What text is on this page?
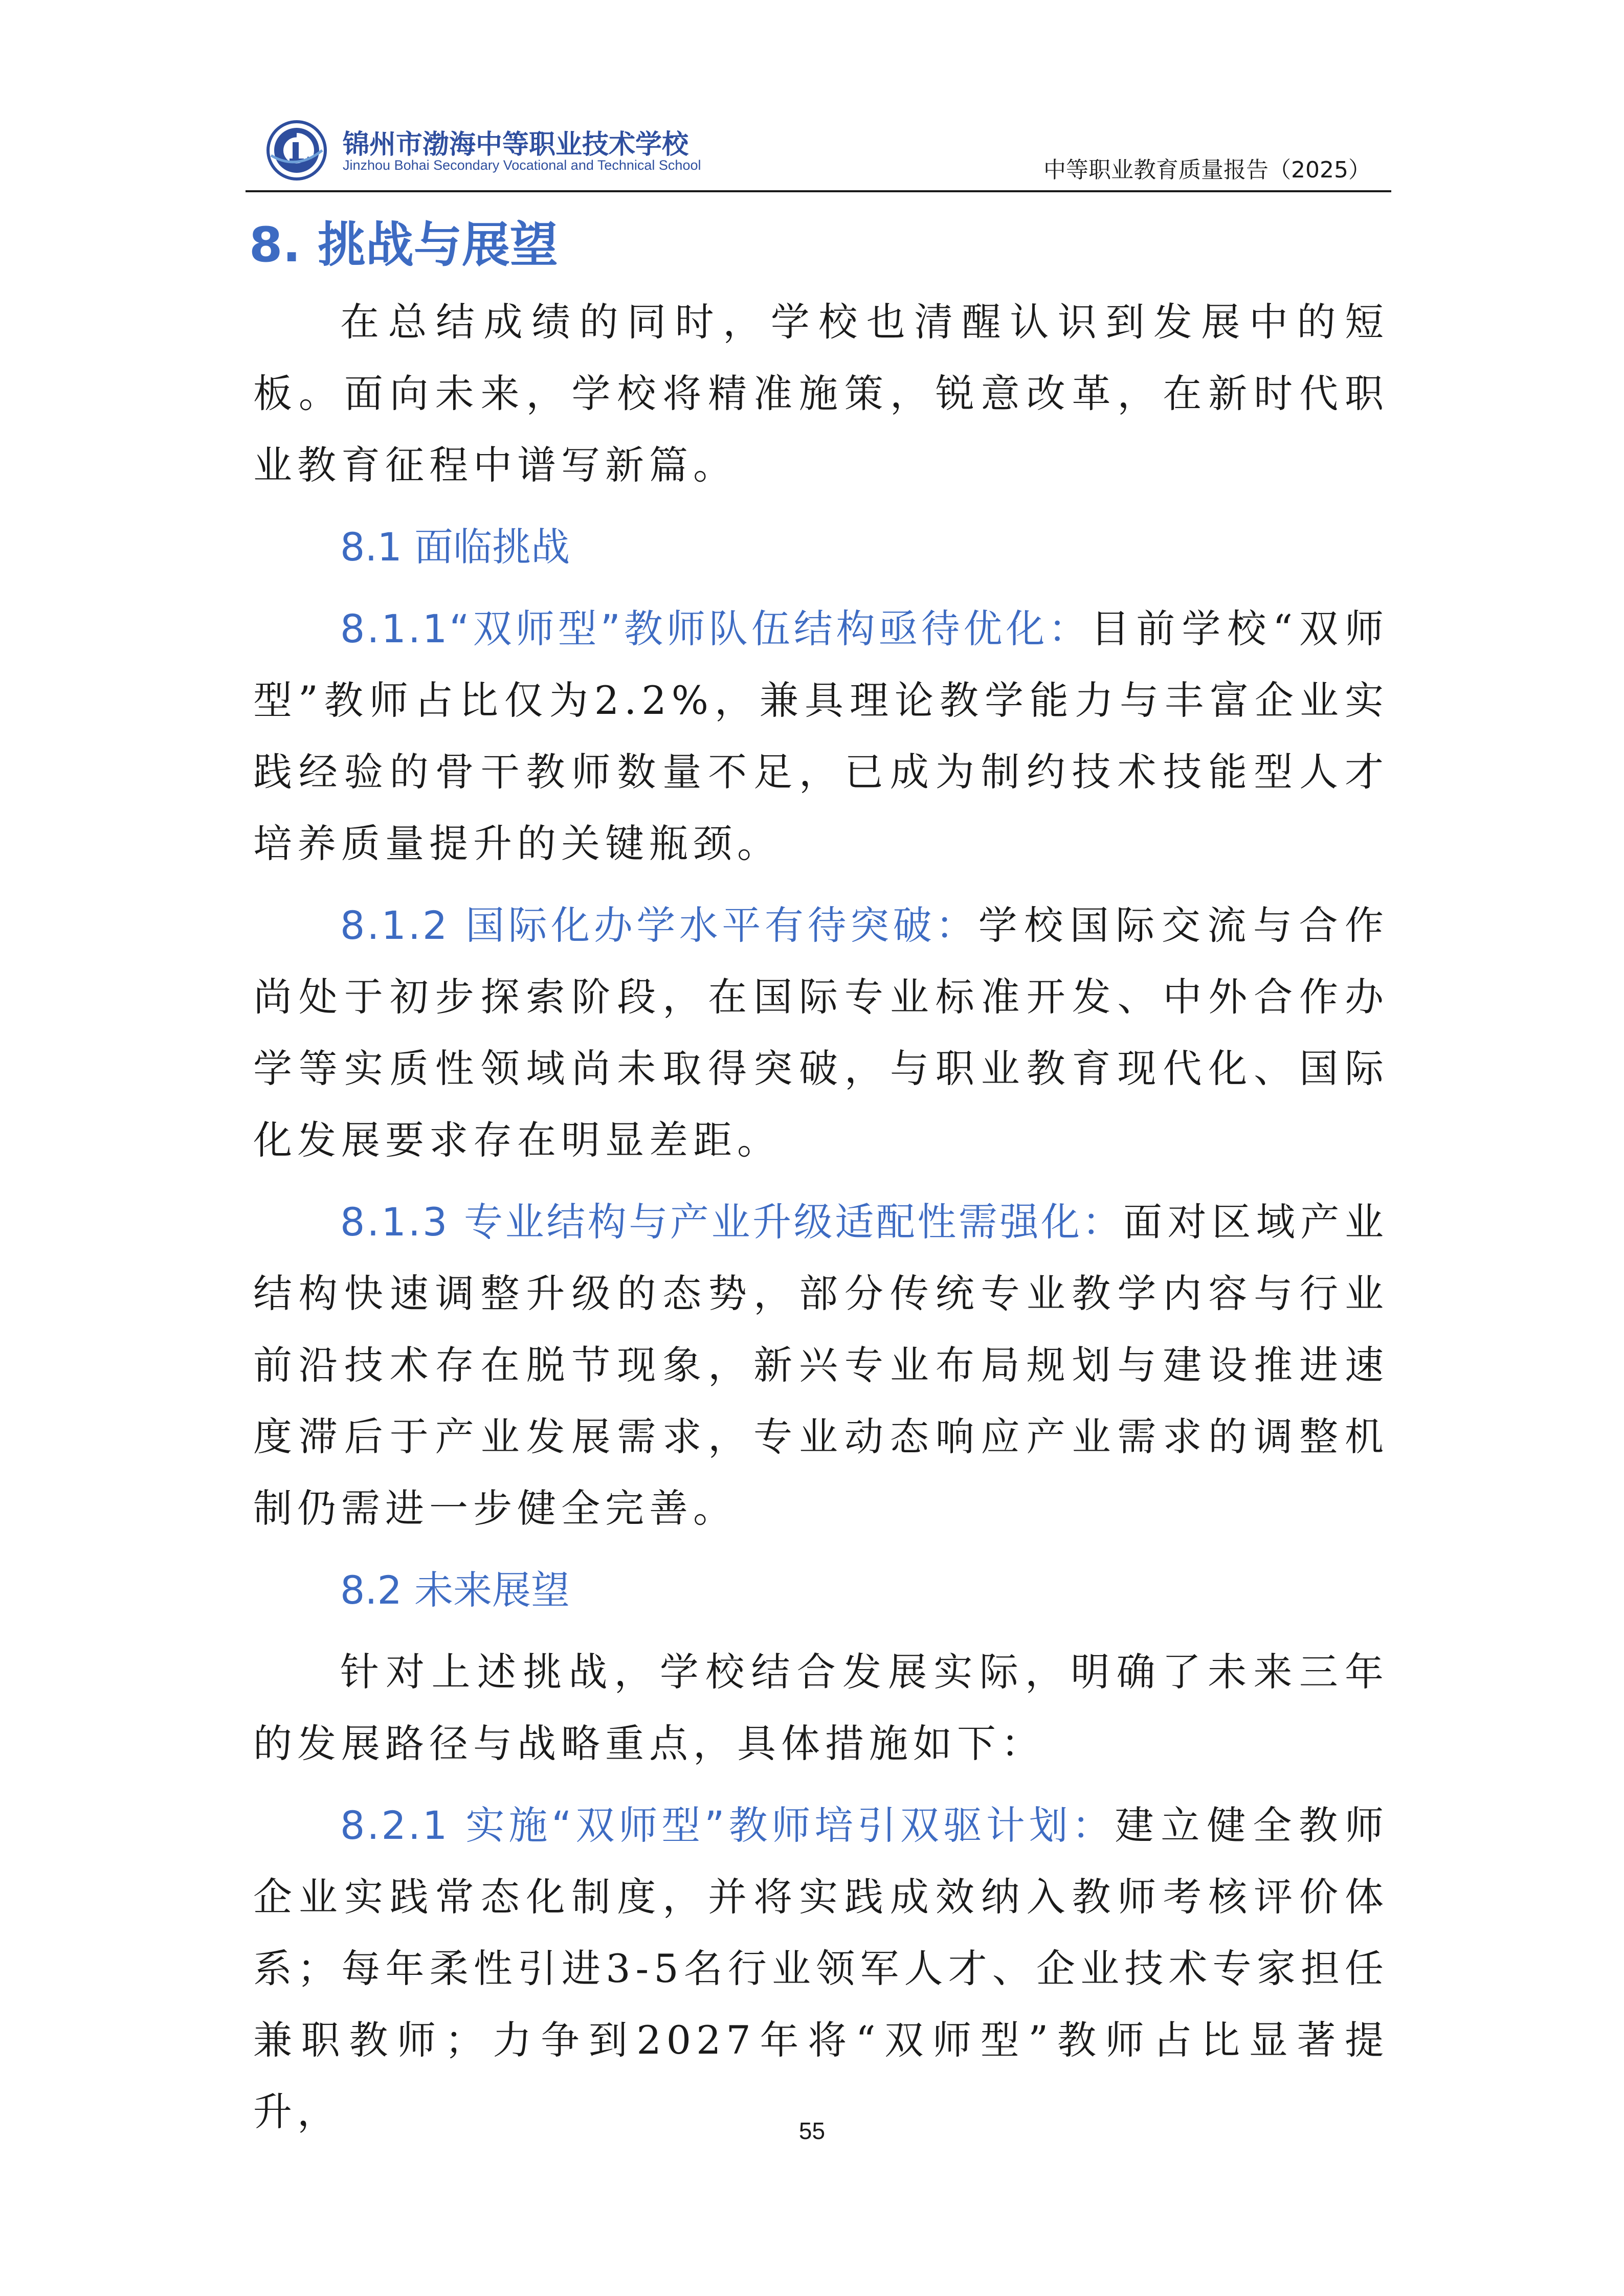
锦州市渤海中等职业技术学校
Jinzhou Bohai Secondary Vocational and Technical School	中等职业教育质量报告（2025）
8. 挑战与展望

在总结成绩的同时，学校也清醒认识到发展中的短板。面向未来，学校将精准施策，锐意改革，在新时代职业教育征程中谱写新篇。

8.1 面临挑战

8.1.1“双师型”教师队伍结构亟待优化：目前学校“双师型”教师占比仅为2.2%，兼具理论教学能力与丰富企业实践经验的骨干教师数量不足，已成为制约技术技能型人才培养质量提升的关键瓶颈。

8.1.2 国际化办学水平有待突破：学校国际交流与合作尚处于初步探索阶段，在国际专业标准开发、中外合作办学等实质性领域尚未取得突破，与职业教育现代化、国际化发展要求存在明显差距。

8.1.3 专业结构与产业升级适配性需强化：面对区域产业结构快速调整升级的态势，部分传统专业教学内容与行业前沿技术存在脱节现象，新兴专业布局规划与建设推进速度滞后于产业发展需求，专业动态响应产业需求的调整机制仍需进一步健全完善。

8.2 未来展望

针对上述挑战，学校结合发展实际，明确了未来三年的发展路径与战略重点，具体措施如下：

8.2.1 实施“双师型”教师培引双驱计划：建立健全教师企业实践常态化制度，并将实践成效纳入教师考核评价体系；每年柔性引进3-5名行业领军人才、企业技术专家担任兼职教师；力争到2027年将“双师型”教师占比显著提升，	55
